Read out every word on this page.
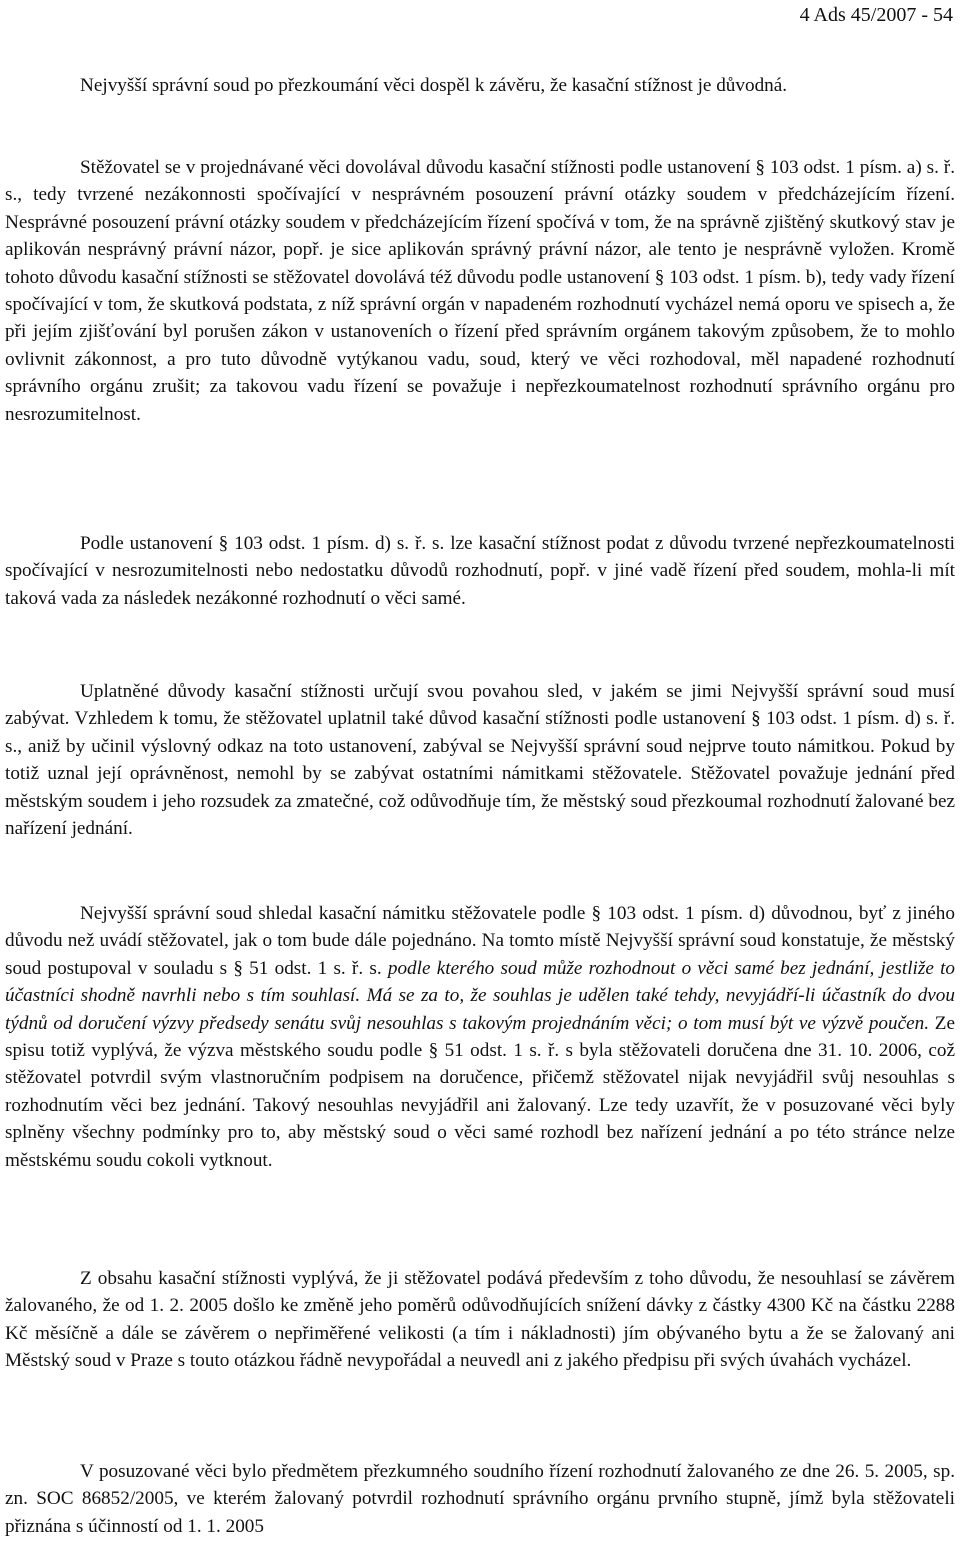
4 Ads 45/2007 - 54

Nejvyšší správní soud po přezkoumání věci dospěl k závěru, že kasační stížnost je důvodná.

Stěžovatel se v projednávané věci dovolával důvodu kasační stížnosti podle ustanovení § 103 odst. 1 písm. a) s. ř. s., tedy tvrzené nezákonnosti spočívající v nesprávném posouzení právní otázky soudem v předcházejícím řízení. Nesprávné posouzení právní otázky soudem v předcházejícím řízení spočívá v tom, že na správně zjištěný skutkový stav je aplikován nesprávný právní názor, popř. je sice aplikován správný právní názor, ale tento je nesprávně vyložen. Kromě tohoto důvodu kasační stížnosti se stěžovatel dovolává též důvodu podle ustanovení § 103 odst. 1 písm. b), tedy vady řízení spočívající v tom, že skutková podstata, z níž správní orgán v napadeném rozhodnutí vycházel nemá oporu ve spisech a, že při jejím zjišťování byl porušen zákon v ustanoveních o řízení před správním orgánem takovým způsobem, že to mohlo ovlivnit zákonnost, a pro tuto důvodně vytýkanou vadu, soud, který ve věci rozhodoval, měl napadené rozhodnutí správního orgánu zrušit; za takovou vadu řízení se považuje i nepřezkoumatelnost rozhodnutí správního orgánu pro nesrozumitelnost.

Podle ustanovení § 103 odst. 1 písm. d) s. ř. s. lze kasační stížnost podat z důvodu tvrzené nepřezkoumatelnosti spočívající v nesrozumitelnosti nebo nedostatku důvodů rozhodnutí, popř. v jiné vadě řízení před soudem, mohla-li mít taková vada za následek nezákonné rozhodnutí o věci samé.

Uplatněné důvody kasační stížnosti určují svou povahou sled, v jakém se jimi Nejvyšší správní soud musí zabývat. Vzhledem k tomu, že stěžovatel uplatnil také důvod kasační stížnosti podle ustanovení § 103 odst. 1 písm. d) s. ř. s., aniž by učinil výslovný odkaz na toto ustanovení, zabýval se Nejvyšší správní soud nejprve touto námitkou. Pokud by totiž uznal její oprávněnost, nemohl by se zabývat ostatními námitkami stěžovatele. Stěžovatel považuje jednání před městským soudem i jeho rozsudek za zmatečné, což odůvodňuje tím, že městský soud přezkoumal rozhodnutí žalované bez nařízení jednání.

Nejvyšší správní soud shledal kasační námitku stěžovatele podle § 103 odst. 1 písm. d) důvodnou, byť z jiného důvodu než uvádí stěžovatel, jak o tom bude dále pojednáno. Na tomto místě Nejvyšší správní soud konstatuje, že městský soud postupoval v souladu s § 51 odst. 1 s. ř. s. podle kterého soud může rozhodnout o věci samé bez jednání, jestliže to účastníci shodně navrhli nebo s tím souhlasí. Má se za to, že souhlas je udělen také tehdy, nevyjádří-li účastník do dvou týdnů od doručení výzvy předsedy senátu svůj nesouhlas s takovým projednáním věci; o tom musí být ve výzvě poučen. Ze spisu totiž vyplývá, že výzva městského soudu podle § 51 odst. 1 s. ř. s byla stěžovateli doručena dne 31. 10. 2006, což stěžovatel potvrdil svým vlastnoručním podpisem na doručence, přičemž stěžovatel nijak nevyjádřil svůj nesouhlas s rozhodnutím věci bez jednání. Takový nesouhlas nevyjádřil ani žalovaný. Lze tedy uzavřít, že v posuzované věci byly splněny všechny podmínky pro to, aby městský soud o věci samé rozhodl bez nařízení jednání a po této stránce nelze městskému soudu cokoli vytknout.

Z obsahu kasační stížnosti vyplývá, že ji stěžovatel podává především z toho důvodu, že nesouhlasí se závěrem žalovaného, že od 1. 2. 2005 došlo ke změně jeho poměrů odůvodňujících snížení dávky z částky 4300 Kč na částku 2288 Kč měsíčně a dále se závěrem o nepřiměřené velikosti (a tím i nákladnosti) jím obývaného bytu a že se žalovaný ani Městský soud v Praze s touto otázkou řádně nevypořádal a neuvedl ani z jakého předpisu při svých úvahách vycházel.

V posuzované věci bylo předmětem přezkumného soudního řízení rozhodnutí žalovaného ze dne 26. 5. 2005, sp. zn. SOC 86852/2005, ve kterém žalovaný potvrdil rozhodnutí správního orgánu prvního stupně, jímž byla stěžovateli přiznána s účinností od 1. 1. 2005
